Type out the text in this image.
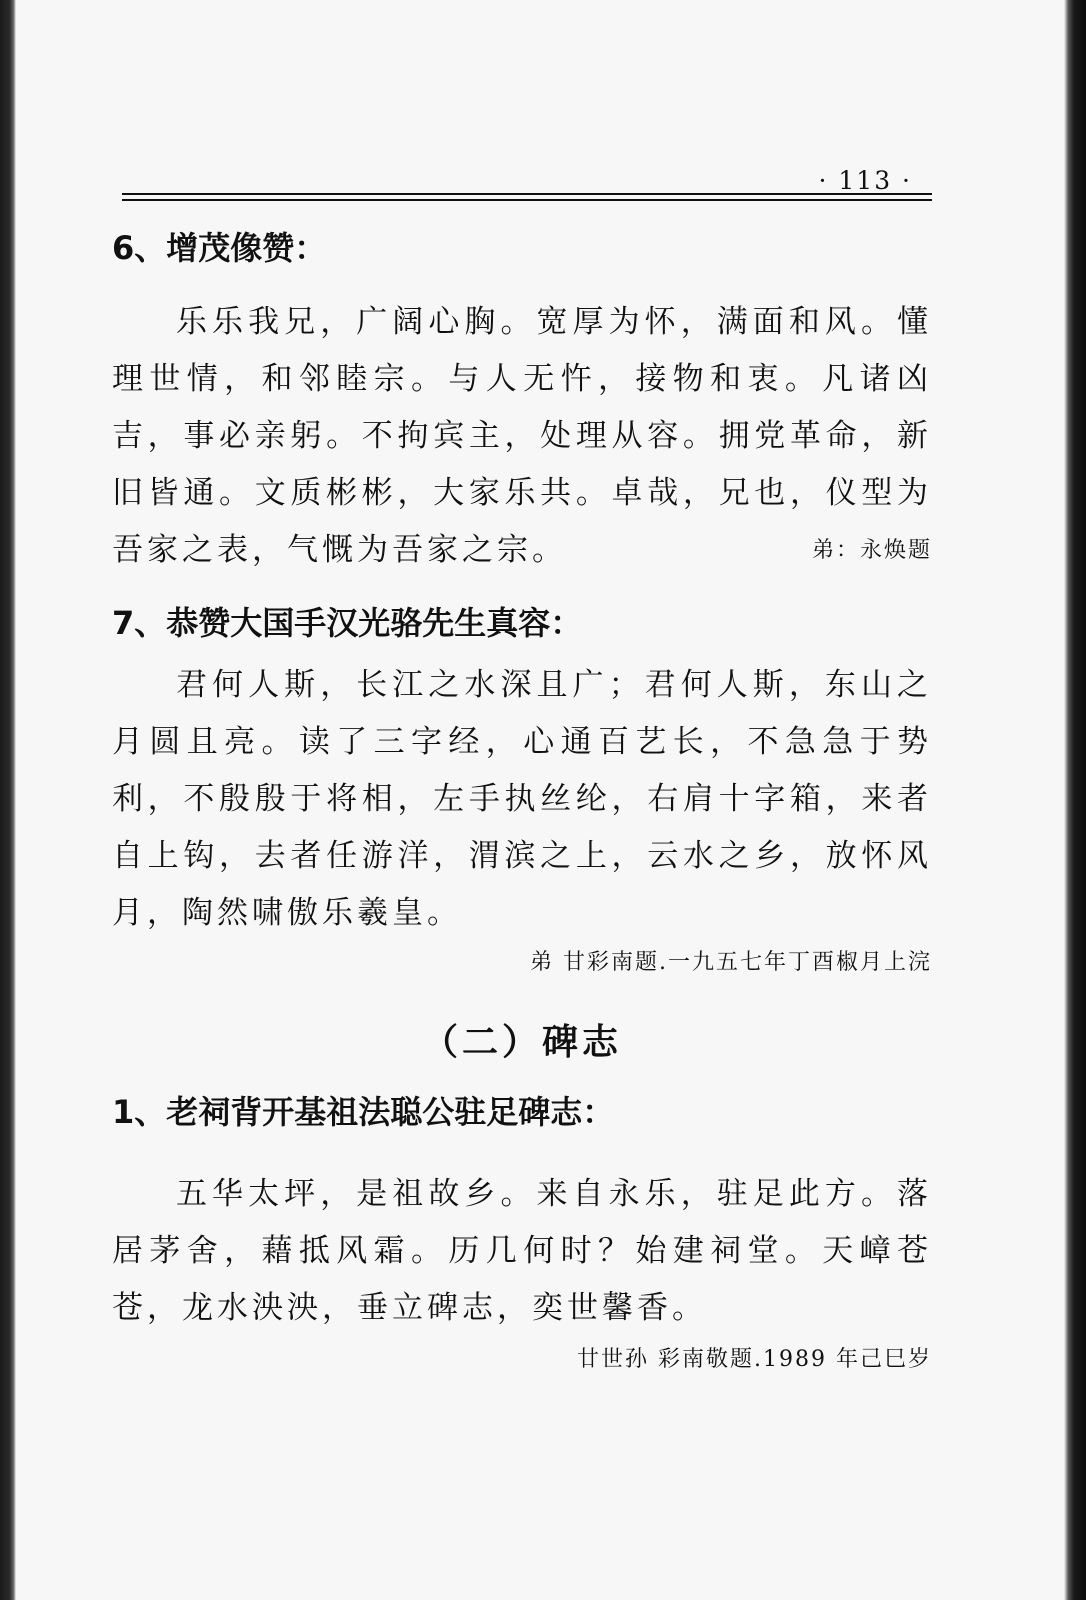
· 113 ·
6、增茂像赞：

乐乐我兄，广阔心胸。宽厚为怀，满面和风。懂理世情，和邻睦宗。与人无忤，接物和衷。凡诸凶吉，事必亲躬。不拘宾主，处理从容。拥党革命，新旧皆通。文质彬彬，大家乐共。卓哉，兄也，仪型为吾家之表，气慨为吾家之宗。	弟：永焕题

7、恭赞大国手汉光骆先生真容：

君何人斯，长江之水深且广；君何人斯，东山之月圆且亮。读了三字经，心通百艺长，不急急于势利，不殷殷于将相，左手执丝纶，右肩十字箱，来者自上钩，去者任游洋，渭滨之上，云水之乡，放怀风月，陶然啸傲乐羲皇。

弟 甘彩南题.一九五七年丁酉椒月上浣

（二）碑志
1、老祠背开基祖法聪公驻足碑志：

五华太坪，是祖故乡。来自永乐，驻足此方。落居茅舍，藉抵风霜。历几何时？始建祠堂。天嶂苍苍，龙水泱泱，垂立碑志，奕世馨香。

廿世孙 彩南敬题.1989 年己巳岁
